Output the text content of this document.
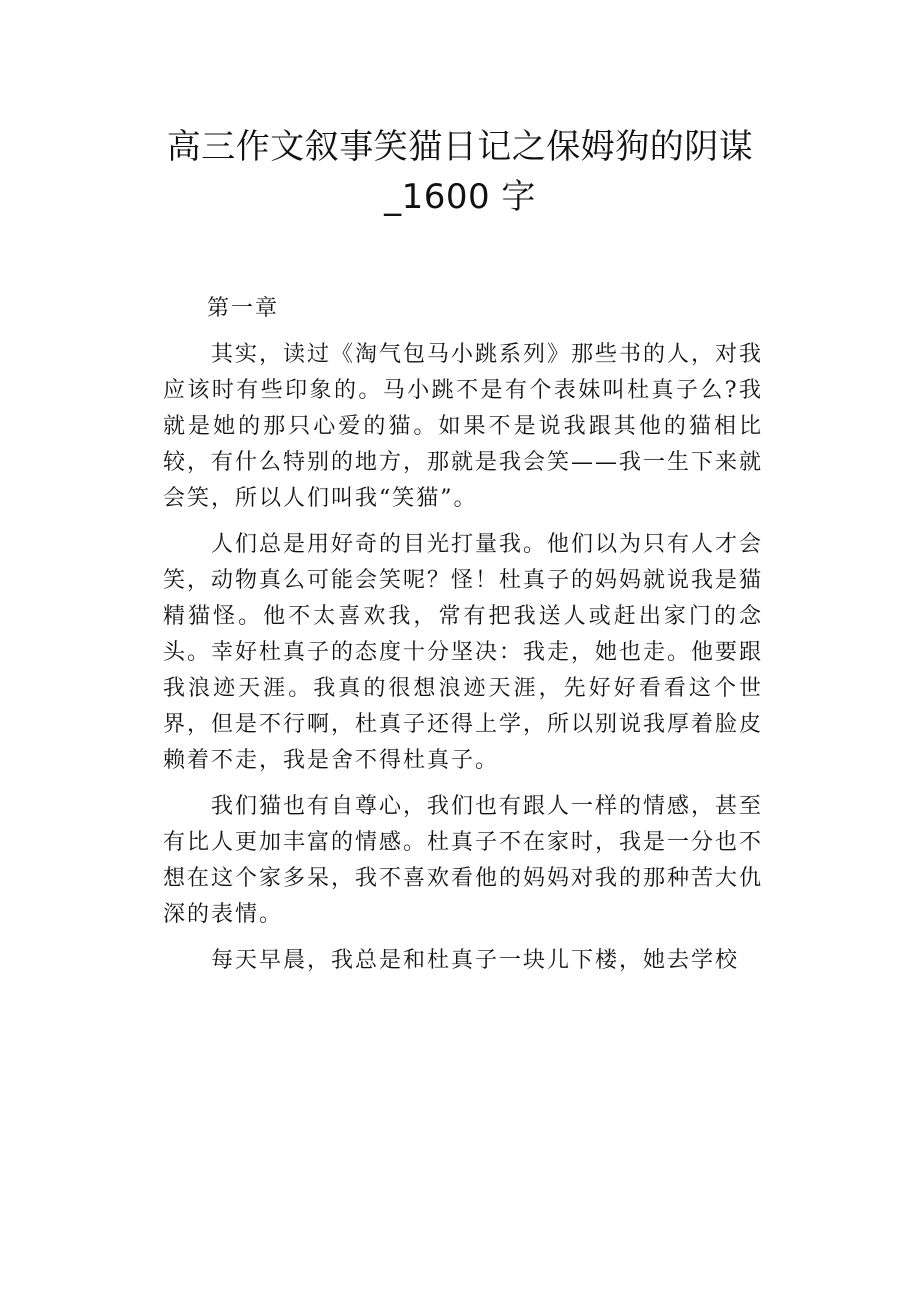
高三作文叙事笑猫日记之保姆狗的阴谋
_1600 字

第一章

其实，读过《淘气包马小跳系列》那些书的人，对我应该时有些印象的。马小跳不是有个表妹叫杜真子么?我就是她的那只心爱的猫。如果不是说我跟其他的猫相比较，有什么特别的地方，那就是我会笑——我一生下来就会笑，所以人们叫我“笑猫”。

人们总是用好奇的目光打量我。他们以为只有人才会笑，动物真么可能会笑呢？怪！杜真子的妈妈就说我是猫精猫怪。他不太喜欢我，常有把我送人或赶出家门的念头。幸好杜真子的态度十分坚决：我走，她也走。他要跟我浪迹天涯。我真的很想浪迹天涯，先好好看看这个世界，但是不行啊，杜真子还得上学，所以别说我厚着脸皮赖着不走，我是舍不得杜真子。

我们猫也有自尊心，我们也有跟人一样的情感，甚至有比人更加丰富的情感。杜真子不在家时，我是一分也不想在这个家多呆，我不喜欢看他的妈妈对我的那种苦大仇深的表情。

每天早晨，我总是和杜真子一块儿下楼，她去学校
